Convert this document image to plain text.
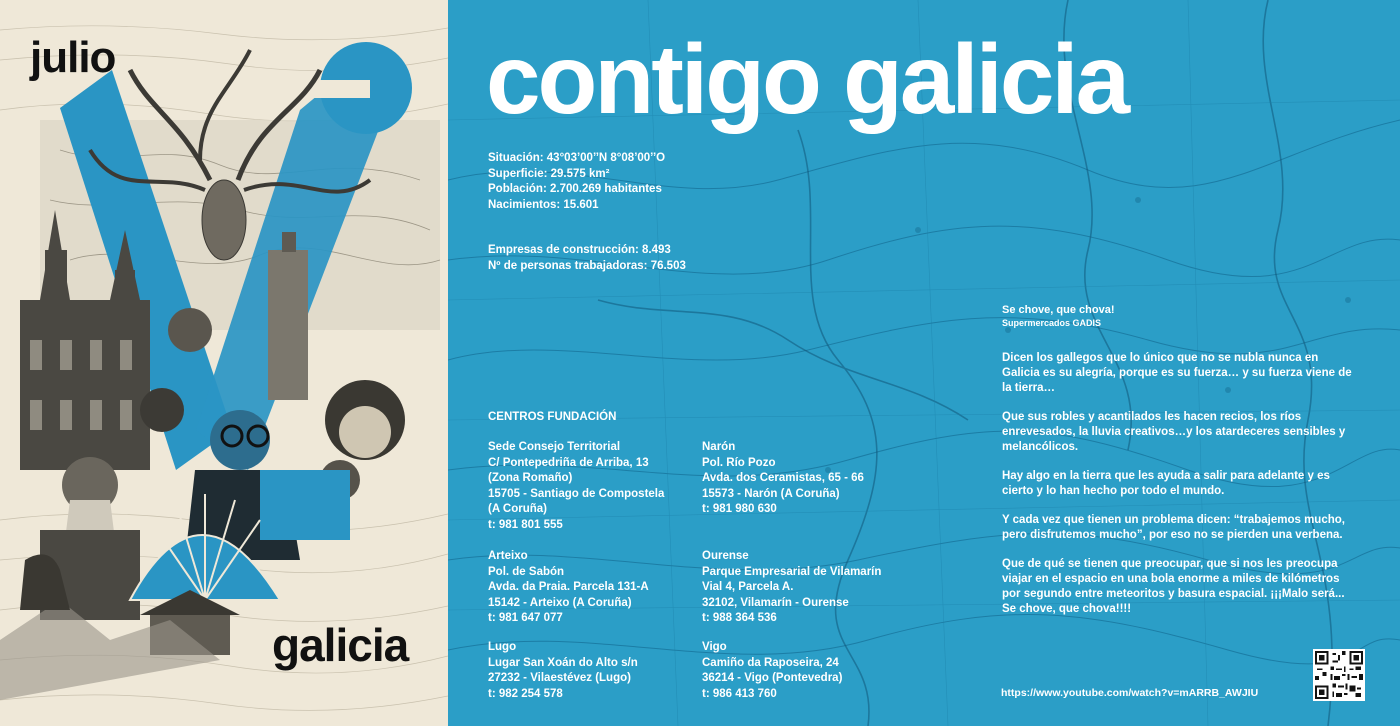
julio
galicia
contigo galicia
Situación: 43°03’00’’N 8°08’00’’O
Superficie: 29.575 km²
Población: 2.700.269 habitantes
Nacimientos: 15.601
Empresas de construcción: 8.493
Nº de personas trabajadoras: 76.503
CENTROS FUNDACIÓN
Sede Consejo Territorial
C/ Pontepedriña de Arriba, 13
(Zona Romaño)
15705 - Santiago de Compostela
(A Coruña)
t: 981 801 555
Narón
Pol. Río Pozo
Avda. dos Ceramistas, 65 - 66
15573 - Narón (A Coruña)
t: 981 980 630
Arteixo
Pol. de Sabón
Avda. da Praia. Parcela 131-A
15142 - Arteixo (A Coruña)
t: 981 647 077
Ourense
Parque Empresarial de Vilamarín
Vial 4, Parcela A.
32102, Vilamarín - Ourense
t: 988 364 536
Lugo
Lugar San Xoán do Alto s/n
27232 - Vilaestévez (Lugo)
t: 982 254 578
Vigo
Camiño da Raposeira, 24
36214 - Vigo (Pontevedra)
t: 986 413 760
Se chove, que chova!
Supermercados GADIS

Dicen los gallegos que lo único que no se nubla nunca en Galicia es su alegría, porque es su fuerza… y su fuerza viene de la tierra…

Que sus robles y acantilados les hacen recios, los ríos enrevesados, la lluvia creativos…y los atardeceres sensibles y melancólicos.

Hay algo en la tierra que les ayuda a salir para adelante y es cierto y lo han hecho por todo el mundo.

Y cada vez que tienen un problema dicen: “trabajemos mucho, pero disfrutemos mucho”, por eso no se pierden una verbena.

Que de qué se tienen que preocupar, que si nos les preocupa viajar en el espacio en una bola enorme a miles de kilómetros por segundo entre meteoritos y basura espacial. ¡¡¡Malo será... Se chove, que chova!!!!

https://www.youtube.com/watch?v=mARRB_AWJIU
